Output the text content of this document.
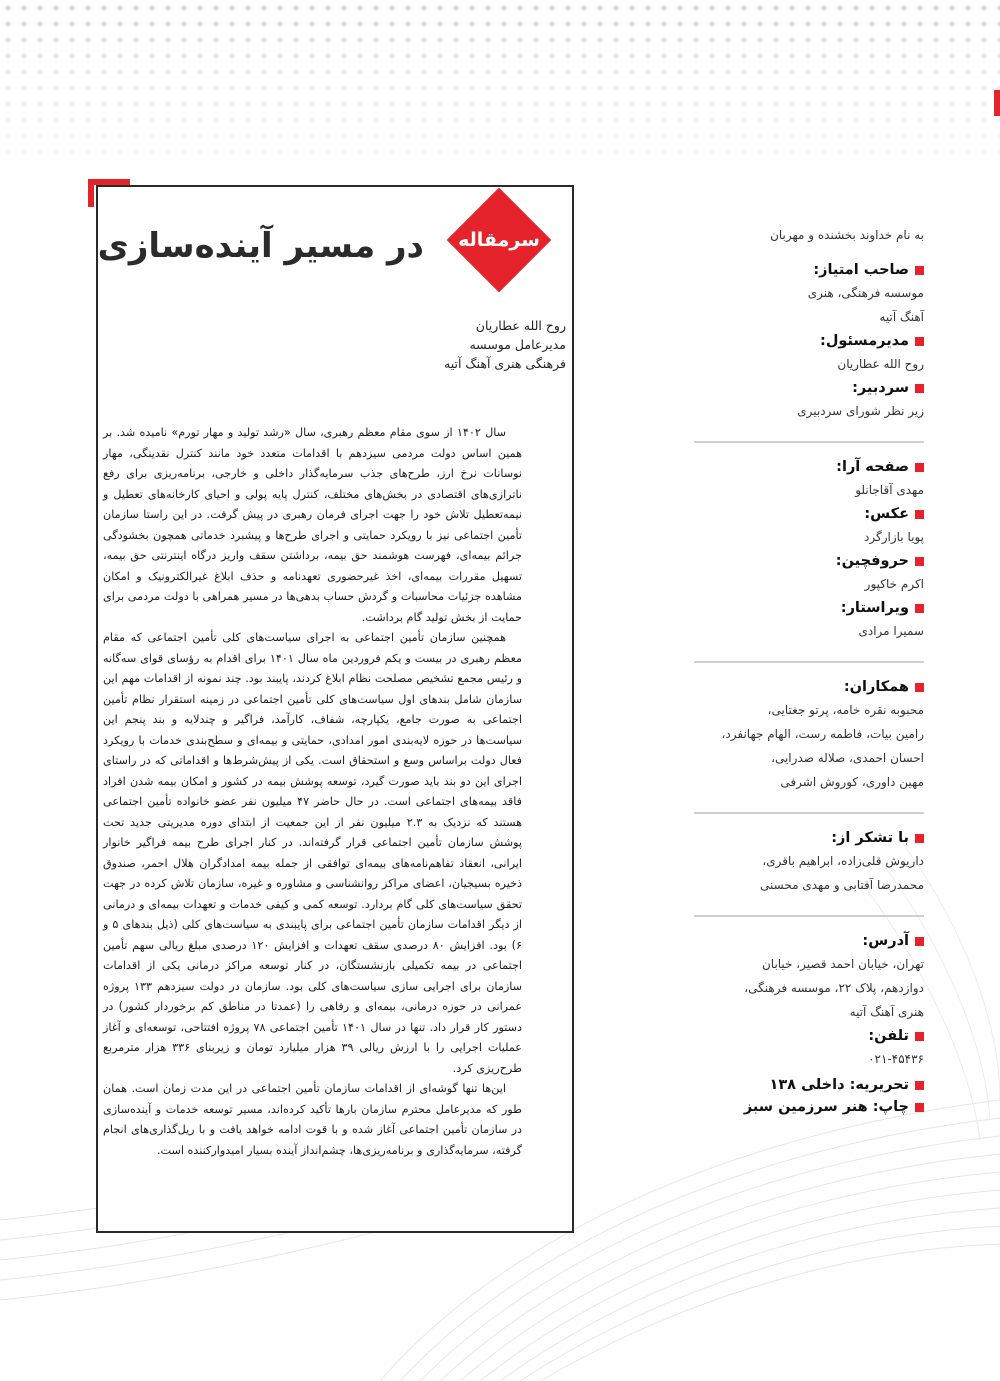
سرمقاله
در مسیر آینده‌سازی
روح الله عطاریان
مدیرعامل موسسه
فرهنگی هنری آهنگ آتیه

سال ۱۴۰۲ از سوی مقام معظم رهبری، سال «رشد تولید و مهار تورم» نامیده شد. بر همین اساس دولت مردمی سیزدهم با اقدامات متعدد خود مانند کنترل نقدینگی، مهار نوسانات نرخ ارز، طرح‌های جذب سرمایه‌گذار داخلی و خارجی، برنامه‌ریزی برای رفع ناترازی‌های اقتصادی در بخش‌های مختلف، کنترل پایه پولی و احیای کارخانه‌های تعطیل و نیمه‌تعطیل تلاش خود را جهت اجرای فرمان رهبری در پیش گرفت. در این راستا سازمان تأمین اجتماعی نیز با رویکرد حمایتی و اجرای طرح‌ها و پیشبرد خدماتی همچون بخشودگی جرائم بیمه‌ای، فهرست هوشمند حق بیمه، برداشتن سقف واریز درگاه اینترنتی حق بیمه، تسهیل مقررات بیمه‌ای، اخذ غیرحضوری تعهدنامه و حذف ابلاغ غیرالکترونیک و امکان مشاهده جزئیات محاسبات و گردش حساب بدهی‌ها در مسیر همراهی با دولت مردمی برای حمایت از بخش تولید گام برداشت.

همچنین سازمان تأمین اجتماعی به اجرای سیاست‌های کلی تأمین اجتماعی که مقام معظم رهبری در بیست و یکم فروردین ماه سال ۱۴۰۱ برای اقدام به رؤسای قوای سه‌گانه و رئیس مجمع تشخیص مصلحت نظام ابلاغ کردند، پایبند بود. چند نمونه از اقدامات مهم این سازمان شامل بندهای اول سیاست‌های کلی تأمین اجتماعی در زمینه استقرار نظام تأمین اجتماعی به صورت جامع، یکپارچه، شفاف، کارآمد، فراگیر و چندلایه و بند پنجم این سیاست‌ها در حوزه لایه‌بندی امور امدادی، حمایتی و بیمه‌ای و سطح‌بندی خدمات با رویکرد فعال دولت براساس وسع و استحقاق است. یکی از پیش‌شرط‌ها و اقداماتی که در راستای اجرای این دو بند باید صورت گیرد، توسعه پوشش بیمه در کشور و امکان بیمه شدن افراد فاقد بیمه‌های اجتماعی است. در حال حاضر ۴۷ میلیون نفر عضو خانواده تأمین اجتماعی هستند که نزدیک به ۲.۳ میلیون نفر از این جمعیت از ابتدای دوره مدیریتی جدید تحت پوشش سازمان تأمین اجتماعی قرار گرفته‌اند. در کنار اجرای طرح بیمه فراگیر خانوار ایرانی، انعقاد تفاهم‌نامه‌های بیمه‌ای توافقی از جمله بیمه امدادگران هلال احمر، صندوق ذخیره بسیجیان، اعضای مراکز روانشناسی و مشاوره و غیره، سازمان تلاش کرده در جهت تحقق سیاست‌های کلی گام بردارد. توسعه کمی و کیفی خدمات و تعهدات بیمه‌ای و درمانی از دیگر اقدامات سازمان تأمین اجتماعی برای پایبندی به سیاست‌های کلی (ذیل بندهای ۵ و ۶) بود. افزایش ۸۰ درصدی سقف تعهدات و افزایش ۱۲۰ درصدی مبلغ ریالی سهم تأمین اجتماعی در بیمه تکمیلی بازنشستگان، در کنار توسعه مراکز درمانی یکی از اقدامات سازمان برای اجرایی سازی سیاست‌های کلی بود. سازمان در دولت سیزدهم ۱۳۳ پروژه عمرانی در حوزه درمانی، بیمه‌ای و رفاهی را (عمدتا در مناطق کم برخوردار کشور) در دستور کار قرار داد. تنها در سال ۱۴۰۱ تأمین اجتماعی ۷۸ پروژه افتتاحی، توسعه‌ای و آغاز عملیات اجرایی را با ارزش ریالی ۳۹ هزار میلیارد تومان و زیربنای ۳۳۶ هزار مترمربع طرح‌ریزی کرد.

این‌ها تنها گوشه‌ای از اقدامات سازمان تأمین اجتماعی در این مدت زمان است. همان طور که مدیرعامل محترم سازمان بارها تأکید کرده‌اند، مسیر توسعه خدمات و آینده‌سازی در سازمان تأمین اجتماعی آغاز شده و با قوت ادامه خواهد یافت و با ریل‌گذاری‌های انجام گرفته، سرمایه‌گذاری و برنامه‌ریزی‌ها، چشم‌انداز آینده بسیار امیدوارکننده است.

به نام خداوند بخشنده و مهربان
صاحب امتیاز:
موسسه فرهنگی، هنری
آهنگ آتیه
مدیرمسئول:
روح الله عطاریان
سردبیر:
زیر نظر شورای سردبیری
صفحه آرا:
مهدی آقاجانلو
عکس:
پویا بازارگرد
حروفچین:
اکرم خاکپور
ویراستار:
سمیرا مرادی
همکاران:
محبوبه نقره خامه، پرتو جغتایی،
رامین بیات، فاطمه رست، الهام جهانفرد،
احسان احمدی، صلاله صدرایی،
مهین داوری، کوروش اشرفی
با تشکر از:
داریوش قلی‌زاده، ابراهیم باقری،
محمدرضا آفتابی و مهدی محسنی
آدرس:
تهران، خیابان احمد قصیر، خیابان
دوازدهم، پلاک ۲۲، موسسه فرهنگی،
هنری آهنگ آتیه
تلفن:
۰۲۱-۴۵۴۳۶
تحریریه: داخلی ۱۳۸
چاپ: هنر سرزمین سبز
